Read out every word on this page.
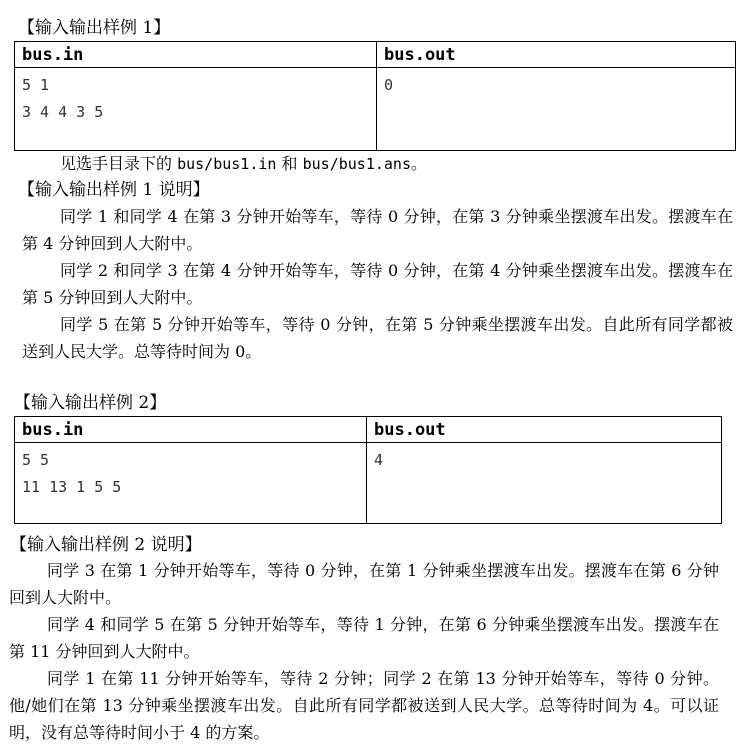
【输入输出样例 1】
bus.in	bus.out

5 1
3 4 4 3 5	0
见选手目录下的 bus/bus1.in 和 bus/bus1.ans。
【输入输出样例 1 说明】
同学 1 和同学 4 在第 3 分钟开始等车，等待 0 分钟，在第 3 分钟乘坐摆渡车出发。摆渡车在第 4 分钟回到人大附中。
同学 2 和同学 3 在第 4 分钟开始等车，等待 0 分钟，在第 4 分钟乘坐摆渡车出发。摆渡车在第 5 分钟回到人大附中。
同学 5 在第 5 分钟开始等车，等待 0 分钟，在第 5 分钟乘坐摆渡车出发。自此所有同学都被送到人民大学。总等待时间为 0。
【输入输出样例 2】
bus.in	bus.out

5 5
11 13 1 5 5	4
【输入输出样例 2 说明】
同学 3 在第 1 分钟开始等车，等待 0 分钟，在第 1 分钟乘坐摆渡车出发。摆渡车在第 6 分钟回到人大附中。
同学 4 和同学 5 在第 5 分钟开始等车，等待 1 分钟，在第 6 分钟乘坐摆渡车出发。摆渡车在第 11 分钟回到人大附中。
同学 1 在第 11 分钟开始等车，等待 2 分钟；同学 2 在第 13 分钟开始等车，等待 0 分钟。他/她们在第 13 分钟乘坐摆渡车出发。自此所有同学都被送到人民大学。总等待时间为 4。可以证明，没有总等待时间小于 4 的方案。
